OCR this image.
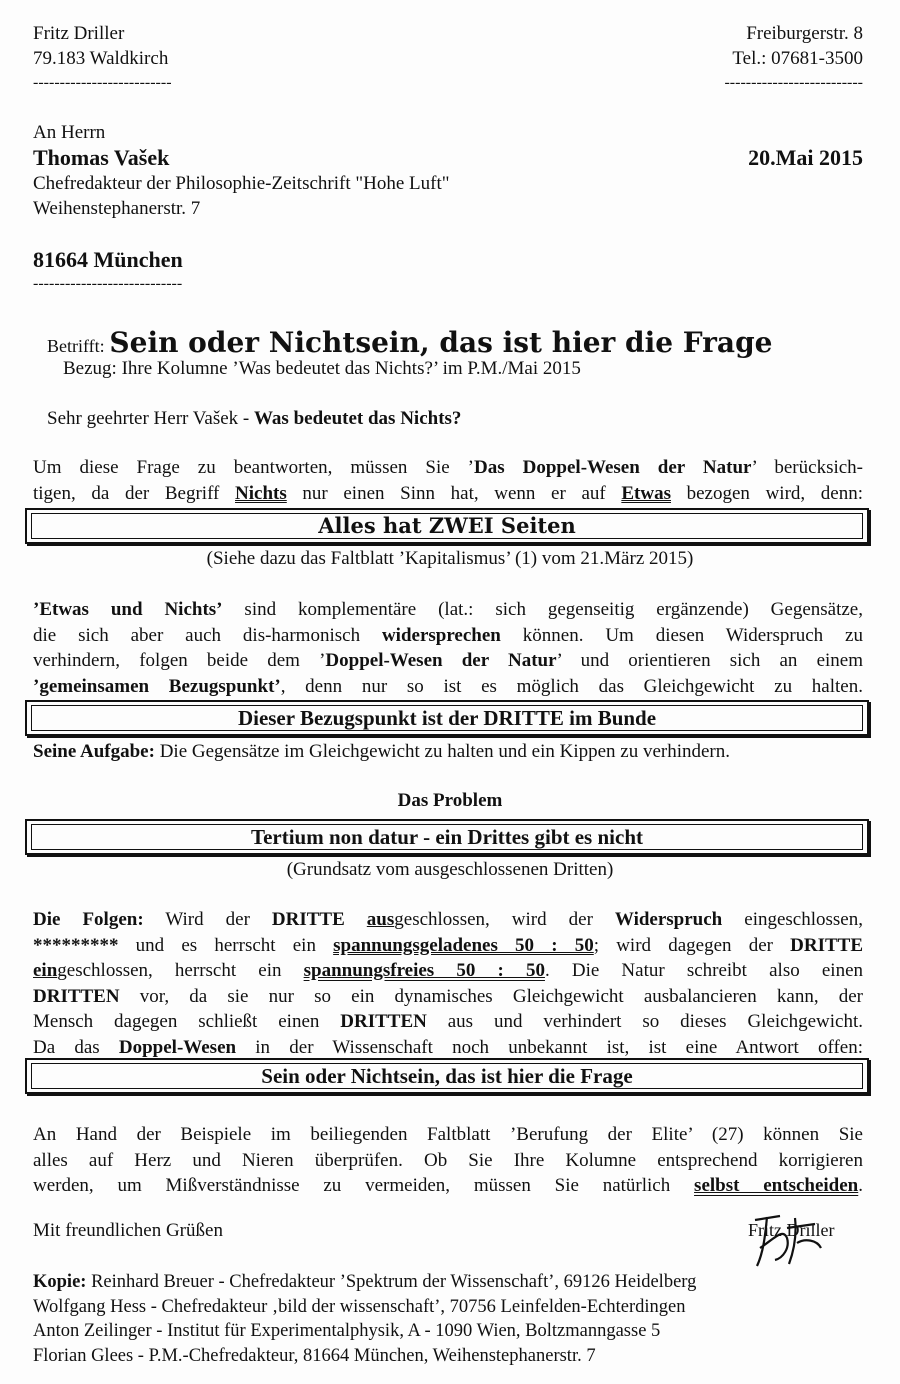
Fritz Driller
79.183 Waldkirch
--------------------------
Freiburgerstr. 8
Tel.: 07681-3500
--------------------------
An Herrn
Thomas Vašek
Chefredakteur der Philosophie-Zeitschrift "Hohe Luft"
Weihenstephanerstr. 7
81664 München
----------------------------
20.Mai 2015
Betrifft: Sein oder Nichtsein, das ist hier die Frage
Bezug: Ihre Kolumne ’Was bedeutet das Nichts?’ im P.M./Mai 2015
Sehr geehrter Herr Vašek - Was bedeutet das Nichts?
Um diese Frage zu beantworten, müssen Sie ’Das Doppel-Wesen der Natur’ berücksich-
tigen, da der Begriff Nichts nur einen Sinn hat, wenn er auf Etwas bezogen wird, denn:
Alles hat ZWEI Seiten
(Siehe dazu das Faltblatt ’Kapitalismus’ (1) vom 21.März 2015)
’Etwas und Nichts’ sind komplementäre (lat.: sich gegenseitig ergänzende) Gegensätze,
die sich aber auch dis-harmonisch widersprechen können. Um diesen Widerspruch zu
verhindern, folgen beide dem ’Doppel-Wesen der Natur’ und orientieren sich an einem
’gemeinsamen Bezugspunkt’, denn nur so ist es möglich das Gleichgewicht zu halten.
Dieser Bezugspunkt ist der DRITTE im Bunde
Seine Aufgabe: Die Gegensätze im Gleichgewicht zu halten und ein Kippen zu verhindern.
Das Problem
Tertium non datur - ein Drittes gibt es nicht
(Grundsatz vom ausgeschlossenen Dritten)
Die Folgen: Wird der DRITTE ausgeschlossen, wird der Widerspruch eingeschlossen,
********* und es herrscht ein spannungsgeladenes 50 : 50; wird dagegen der DRITTE
eingeschlossen, herrscht ein spannungsfreies 50 : 50. Die Natur schreibt also einen
DRITTEN vor, da sie nur so ein dynamisches Gleichgewicht ausbalancieren kann, der
Mensch dagegen schließt einen DRITTEN aus und verhindert so dieses Gleichgewicht.
Da das Doppel-Wesen in der Wissenschaft noch unbekannt ist, ist eine Antwort offen:
Sein oder Nichtsein, das ist hier die Frage
An Hand der Beispiele im beiliegenden Faltblatt ’Berufung der Elite’ (27) können Sie
alles auf Herz und Nieren überprüfen. Ob Sie Ihre Kolumne entsprechend korrigieren
werden, um Mißverständnisse zu vermeiden, müssen Sie natürlich selbst entscheiden.
Mit freundlichen Grüßen	Fritz Driller
Kopie: Reinhard Breuer - Chefredakteur ’Spektrum der Wissenschaft’, 69126 Heidelberg
Wolfgang Hess - Chefredakteur ‚bild der wissenschaft’, 70756 Leinfelden-Echterdingen
Anton Zeilinger - Institut für Experimentalphysik, A - 1090 Wien, Boltzmanngasse 5
Florian Glees - P.M.-Chefredakteur, 81664 München, Weihenstephanerstr. 7
